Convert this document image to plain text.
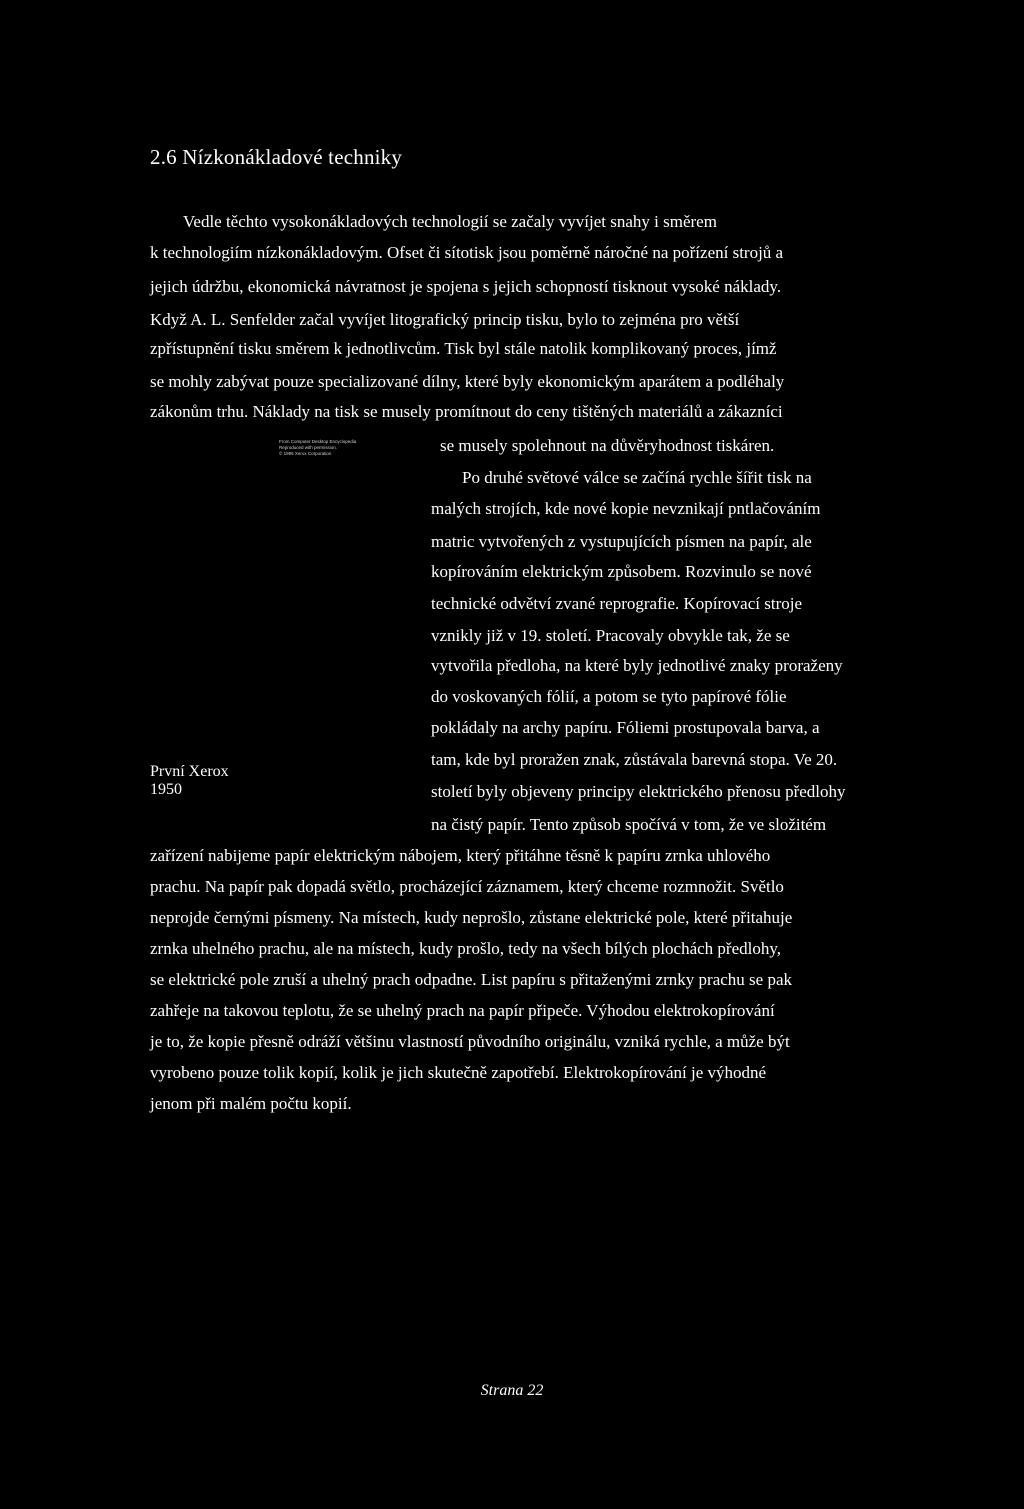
2.6 Nízkonákladové techniky
Vedle těchto vysokonákladových technologií se začaly vyvíjet snahy i směrem
k technologiím nízkonákladovým. Ofset či sítotisk jsou poměrně náročné na pořízení strojů a
jejich údržbu, ekonomická návratnost je spojena s jejich schopností tisknout vysoké náklady.
Když A. L. Senfelder začal vyvíjet litografický princip tisku, bylo to zejména pro větší
zpřístupnění tisku směrem k jednotlivcům. Tisk byl stále natolik komplikovaný proces, jímž
se mohly zabývat pouze specializované dílny, které byly ekonomickým aparátem a podléhaly
zákonům trhu. Náklady na tisk se musely promítnout do ceny tištěných materiálů a zákazníci
se musely spolehnout na důvěryhodnost tiskáren.
Po druhé světové válce se začíná rychle šířit tisk na
malých strojích, kde nové kopie nevznikají pntlačováním
matric vytvořených z vystupujících písmen na papír, ale
kopírováním elektrickým způsobem. Rozvinulo se nové
technické odvětví zvané reprografie. Kopírovací stroje
vznikly již v 19. století. Pracovaly obvykle tak, že se
vytvořila předloha, na které byly jednotlivé znaky proraženy
do voskovaných fólií, a potom se tyto papírové fólie
pokládaly na archy papíru. Fóliemi prostupovala barva, a
tam, kde byl proražen znak, zůstávala barevná stopa. Ve 20.
století byly objeveny principy elektrického přenosu předlohy
na čistý papír. Tento způsob spočívá v tom, že ve složitém
zařízení nabijeme papír elektrickým nábojem, který přitáhne těsně k papíru zrnka uhlového
prachu. Na papír pak dopadá světlo, procházející záznamem, který chceme rozmnožit. Světlo
neprojde černými písmeny. Na místech, kudy neprošlo, zůstane elektrické pole, které přitahuje
zrnka uhelného prachu, ale na místech, kudy prošlo, tedy na všech bílých plochách předlohy,
se elektrické pole zruší a uhelný prach odpadne. List papíru s přitaženými zrnky prachu se pak
zahřeje na takovou teplotu, že se uhelný prach na papír připeče. Výhodou elektrokopírování
je to, že kopie přesně odráží většinu vlastností původního originálu, vzniká rychle, a může být
vyrobeno pouze tolik kopií, kolik je jich skutečně zapotřebí. Elektrokopírování je výhodné
jenom při malém počtu kopií.
From Computer Desktop Encyclopedia
Reproduced with permission.
© 1996 Xerox Corporation
První Xerox
1950
Strana 22
